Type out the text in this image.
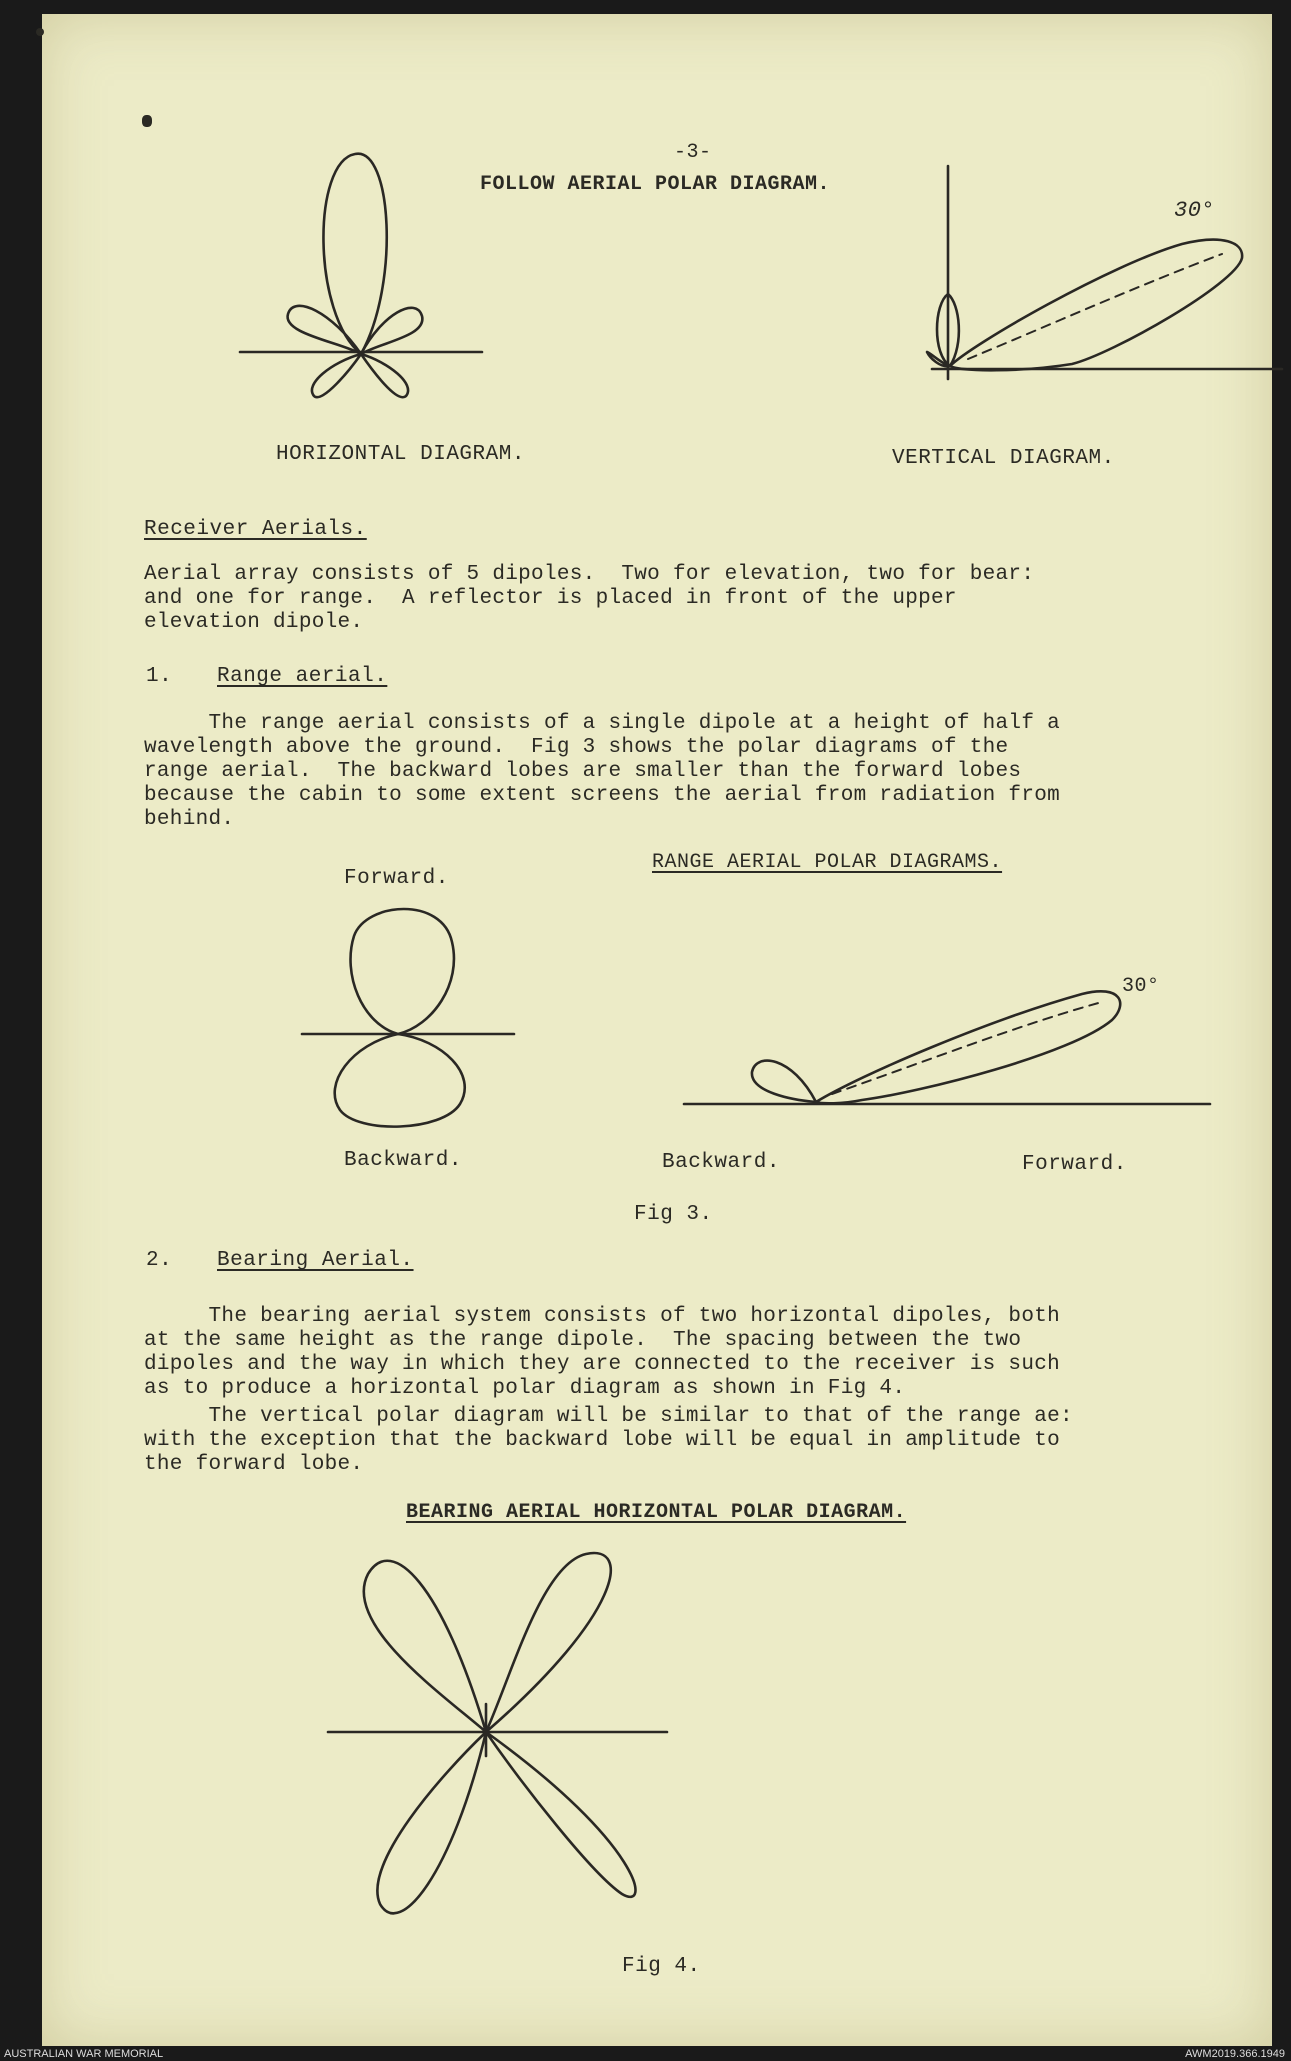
-3-
FOLLOW AERIAL POLAR DIAGRAM.
HORIZONTAL DIAGRAM.
30°
VERTICAL DIAGRAM.
Receiver Aerials.
Aerial array consists of 5 dipoles.  Two for elevation, two for bear:
and one for range.  A reflector is placed in front of the upper
elevation dipole.
1. Range aerial.
The range aerial consists of a single dipole at a height of half a
wavelength above the ground.  Fig 3 shows the polar diagrams of the
range aerial.  The backward lobes are smaller than the forward lobes
because the cabin to some extent screens the aerial from radiation from
behind.
RANGE AERIAL POLAR DIAGRAMS.
Forward.
30°
Backward.	Backward.	Forward.
Fig 3.
2. Bearing Aerial.
The bearing aerial system consists of two horizontal dipoles, both
at the same height as the range dipole.  The spacing between the two
dipoles and the way in which they are connected to the receiver is such
as to produce a horizontal polar diagram as shown in Fig 4.
The vertical polar diagram will be similar to that of the range ae:
with the exception that the backward lobe will be equal in amplitude to
the forward lobe.
BEARING AERIAL HORIZONTAL POLAR DIAGRAM.
Fig 4.
AUSTRALIAN WAR MEMORIAL	AWM2019.366.1949
